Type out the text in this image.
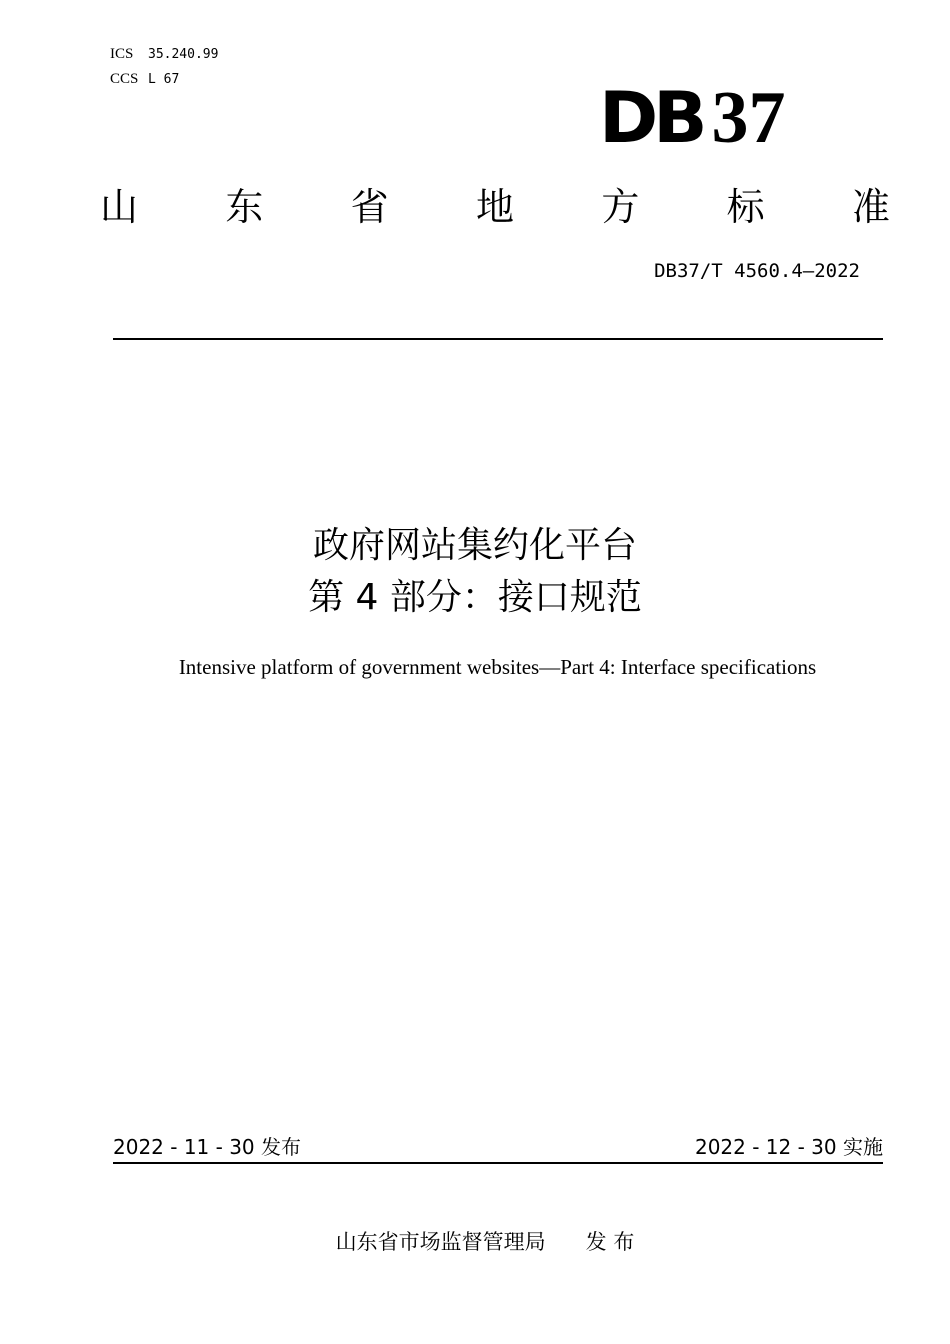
ICS 35.240.99
CCS L 67	DB 37
山 东 省 地 方 标 准
DB37/T 4560.4—2022
政府网站集约化平台
第 4 部分：接口规范
Intensive platform of government websites—Part 4: Interface specifications
2022 - 11 - 30 发布	2022 - 12 - 30 实施
山东省市场监督管理局 发 布
